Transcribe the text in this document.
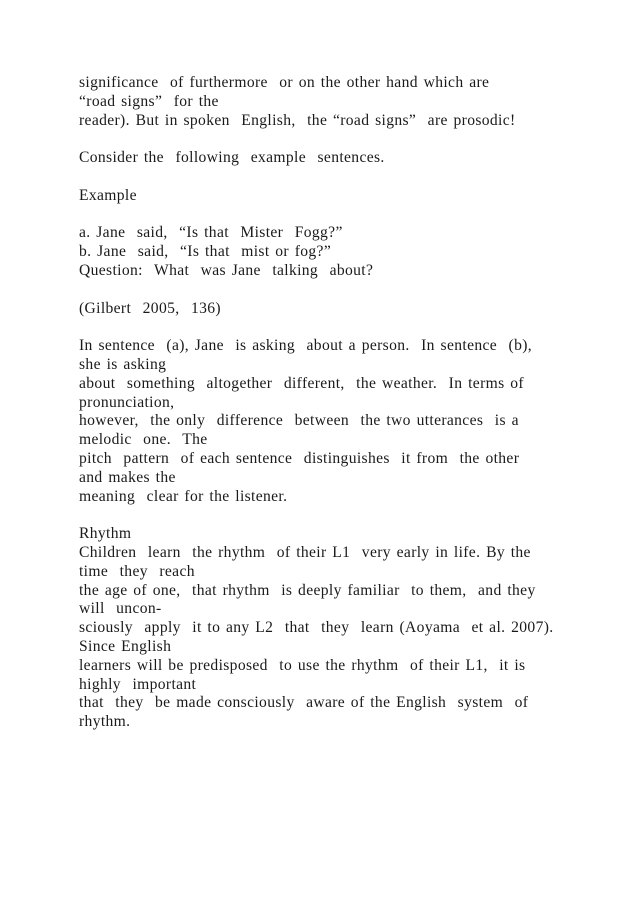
significance  of furthermore  or on the other hand which are
“road signs”  for the
reader). But in spoken  English,  the “road signs”  are prosodic!
Consider the  following  example  sentences.
Example
a. Jane  said,  “Is that  Mister  Fogg?”
b. Jane  said,  “Is that  mist or fog?”
Question:  What  was Jane  talking  about?
(Gilbert  2005,  136)
In sentence  (a), Jane  is asking  about a person.  In sentence  (b),
she is asking
about  something  altogether  different,  the weather.  In terms of
pronunciation,
however,  the only  difference  between  the two utterances  is a
melodic  one.  The
pitch  pattern  of each sentence  distinguishes  it from  the other
and makes the
meaning  clear for the listener.
Rhythm
Children  learn  the rhythm  of their L1  very early in life. By the
time  they  reach
the age of one,  that rhythm  is deeply familiar  to them,  and they
will  uncon-
sciously  apply  it to any L2  that  they  learn (Aoyama  et al. 2007).
Since English
learners will be predisposed  to use the rhythm  of their L1,  it is
highly  important
that  they  be made consciously  aware of the English  system  of
rhythm.
